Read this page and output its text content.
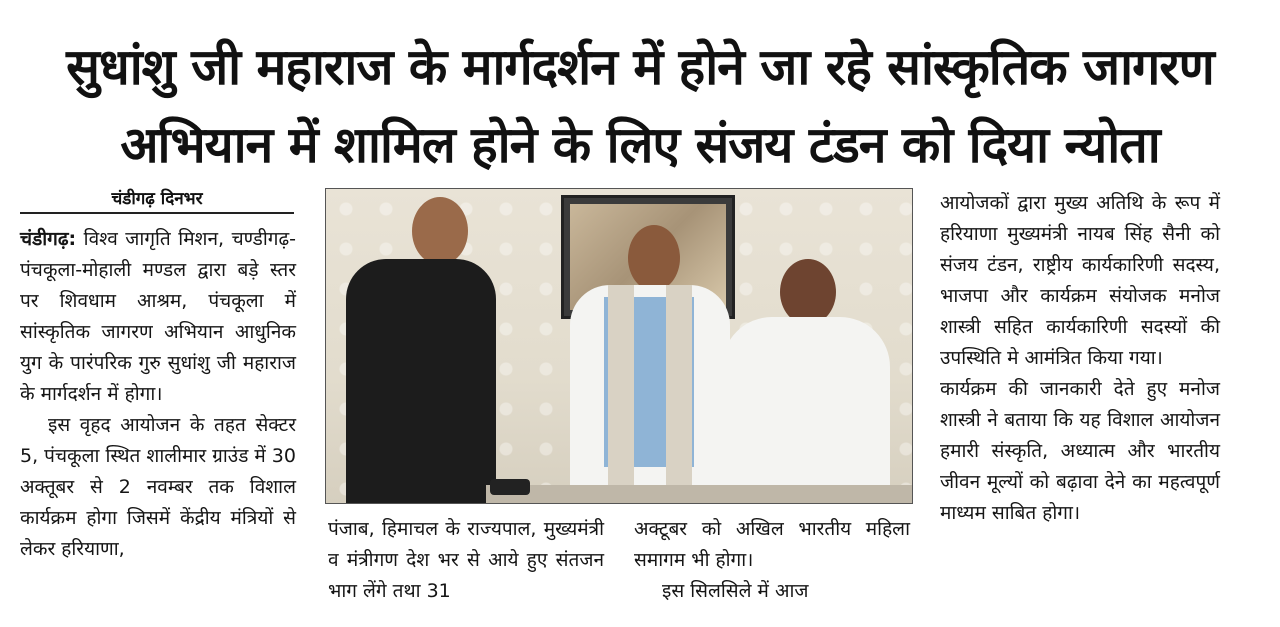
सुधांशु जी महाराज के मार्गदर्शन में होने जा रहे सांस्कृतिक जागरण
अभियान में शामिल होने के लिए संजय टंडन को दिया न्योता
चंडीगढ़ दिनभर

चंडीगढ़: विश्व जागृति मिशन, चण्डीगढ़-पंचकूला-मोहाली मण्डल द्वारा बड़े स्तर पर शिवधाम आश्रम, पंचकूला में सांस्कृतिक जागरण अभियान आधुनिक युग के पारंपरिक गुरु सुधांशु जी महाराज के मार्गदर्शन में होगा।

इस वृहद आयोजन के तहत सेक्टर 5, पंचकूला स्थित शालीमार ग्राउंड में 30 अक्तूबर से 2 नवम्बर तक विशाल कार्यक्रम होगा जिसमें केंद्रीय मंत्रियों से लेकर हरियाणा,

पंजाब, हिमाचल के राज्यपाल, मुख्यमंत्री व मंत्रीगण देश भर से आये हुए संतजन भाग लेंगे तथा 31

अक्टूबर को अखिल भारतीय महिला समागम भी होगा।

इस सिलसिले में आज

आयोजकों द्वारा मुख्य अतिथि के रूप में हरियाणा मुख्यमंत्री नायब सिंह सैनी को संजय टंडन, राष्ट्रीय कार्यकारिणी सदस्य, भाजपा और कार्यक्रम संयोजक मनोज शास्त्री सहित कार्यकारिणी सदस्यों की उपस्थिति मे आमंत्रित किया गया।

कार्यक्रम की जानकारी देते हुए मनोज शास्त्री ने बताया कि यह विशाल आयोजन हमारी संस्कृति, अध्यात्म और भारतीय जीवन मूल्यों को बढ़ावा देने का महत्वपूर्ण माध्यम साबित होगा।
